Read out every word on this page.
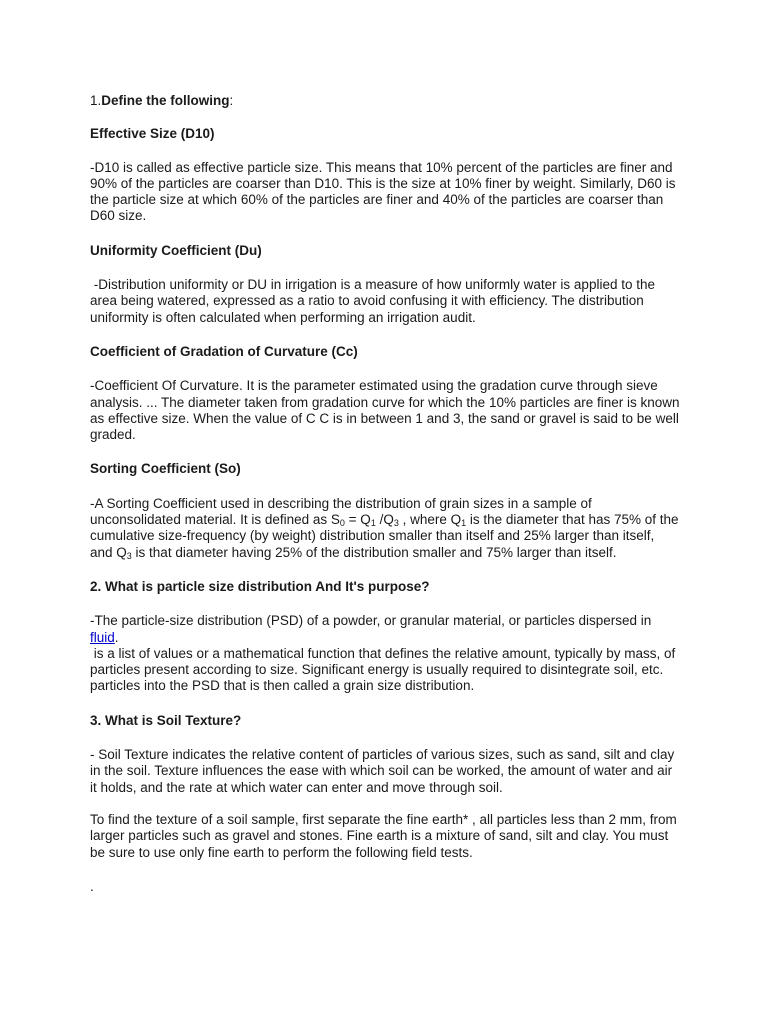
1.Define the following:

Effective Size (D10)

-D10 is called as effective particle size. This means that 10% percent of the particles are finer and 90% of the particles are coarser than D10. This is the size at 10% finer by weight. Similarly, D60 is the particle size at which 60% of the particles are finer and 40% of the particles are coarser than D60 size.

Uniformity Coefficient (Du)

-Distribution uniformity or DU in irrigation is a measure of how uniformly water is applied to the area being watered, expressed as a ratio to avoid confusing it with efficiency. The distribution uniformity is often calculated when performing an irrigation audit.

Coefficient of Gradation of Curvature (Cc)

-Coefficient Of Curvature. It is the parameter estimated using the gradation curve through sieve analysis. ... The diameter taken from gradation curve for which the 10% particles are finer is known as effective size. When the value of C C is in between 1 and 3, the sand or gravel is said to be well graded.

Sorting Coefficient (So)

-A Sorting Coefficient used in describing the distribution of grain sizes in a sample of unconsolidated material. It is defined as $S_0 = Q_1$ $/Q_3$ , where $Q_1$ is the diameter that has 75% of the cumulative size-frequency (by weight) distribution smaller than itself and 25% larger than itself, and $Q_3$ is that diameter having 25% of the distribution smaller and 75% larger than itself.

2. What is particle size distribution And It's purpose?

-The particle-size distribution (PSD) of a powder, or granular material, or particles dispersed in fluid.

is a list of values or a mathematical function that defines the relative amount, typically by mass, of particles present according to size. Significant energy is usually required to disintegrate soil, etc. particles into the PSD that is then called a grain size distribution.

3. What is Soil Texture?

- Soil Texture indicates the relative content of particles of various sizes, such as sand, silt and clay in the soil. Texture influences the ease with which soil can be worked, the amount of water and air it holds, and the rate at which water can enter and move through soil.

To find the texture of a soil sample, first separate the fine earth* , all particles less than 2 mm, from larger particles such as gravel and stones. Fine earth is a mixture of sand, silt and clay. You must be sure to use only fine earth to perform the following field tests.

.
